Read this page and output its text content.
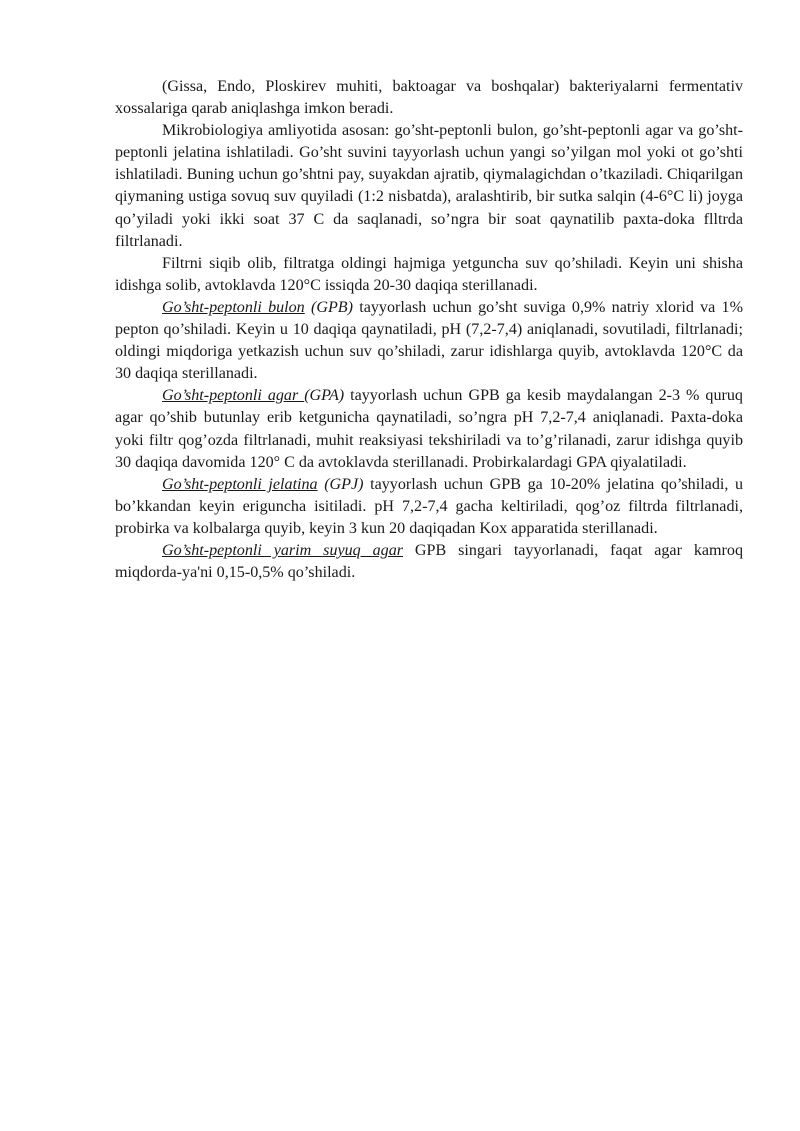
(Gissa, Endo, Ploskirev muhiti, baktoagar va boshqalar) bakteriyalarni fermentativ xossalariga qarab aniqlashga imkon beradi.

Mikrobiologiya amliyotida asosan: go’sht-peptonli bulon, go’sht-peptonli agar va go’sht-peptonli jelatina ishlatiladi. Go’sht suvini tayyorlash uchun yangi so’yilgan mol yoki ot go’shti ishlatiladi. Buning uchun go’shtni pay, suyakdan ajratib, qiymalagichdan o’tkaziladi. Chiqarilgan qiymaning ustiga sovuq suv quyiladi (1:2 nisbatda), aralashtirib, bir sutka salqin (4-6°C li) joyga qo’yiladi yoki ikki soat 37 C da saqlanadi, so’ngra bir soat qaynatilib paxta-doka flltrda filtrlanadi.

Filtrni siqib olib, filtratga oldingi hajmiga yetguncha suv qo’shiladi. Keyin uni shisha idishga solib, avtoklavda 120°C issiqda 20-30 daqiqa sterillanadi.

Go’sht-peptonli bulon (GPB) tayyorlash uchun go’sht suviga 0,9% natriy xlorid va 1% pepton qo’shiladi. Keyin u 10 daqiqa qaynatiladi, pH (7,2-7,4) aniqlanadi, sovutiladi, filtrlanadi; oldingi miqdoriga yetkazish uchun suv qo’shiladi, zarur idishlarga quyib, avtoklavda 120°C da 30 daqiqa sterillanadi.

Go’sht-peptonli agar (GPA) tayyorlash uchun GPB ga kesib maydalangan 2-3 % quruq agar qo’shib butunlay erib ketgunicha qaynatiladi, so’ngra pH 7,2-7,4 aniqlanadi. Paxta-doka yoki filtr qog’ozda filtrlanadi, muhit reaksiyasi tekshiriladi va to’g’rilanadi, zarur idishga quyib 30 daqiqa davomida 120° C da avtoklavda sterillanadi. Probirkalardagi GPA qiyalatiladi.

Go’sht-peptonli jelatina (GPJ) tayyorlash uchun GPB ga 10-20% jelatina qo’shiladi, u bo’kkandan keyin eriguncha isitiladi. pH 7,2-7,4 gacha keltiriladi, qog’oz filtrda filtrlanadi, probirka va kolbalarga quyib, keyin 3 kun 20 daqiqadan Kox apparatida sterillanadi.

Go’sht-peptonli yarim suyuq agar GPB singari tayyorlanadi, faqat agar kamroq miqdorda-ya'ni 0,15-0,5% qo’shiladi.
